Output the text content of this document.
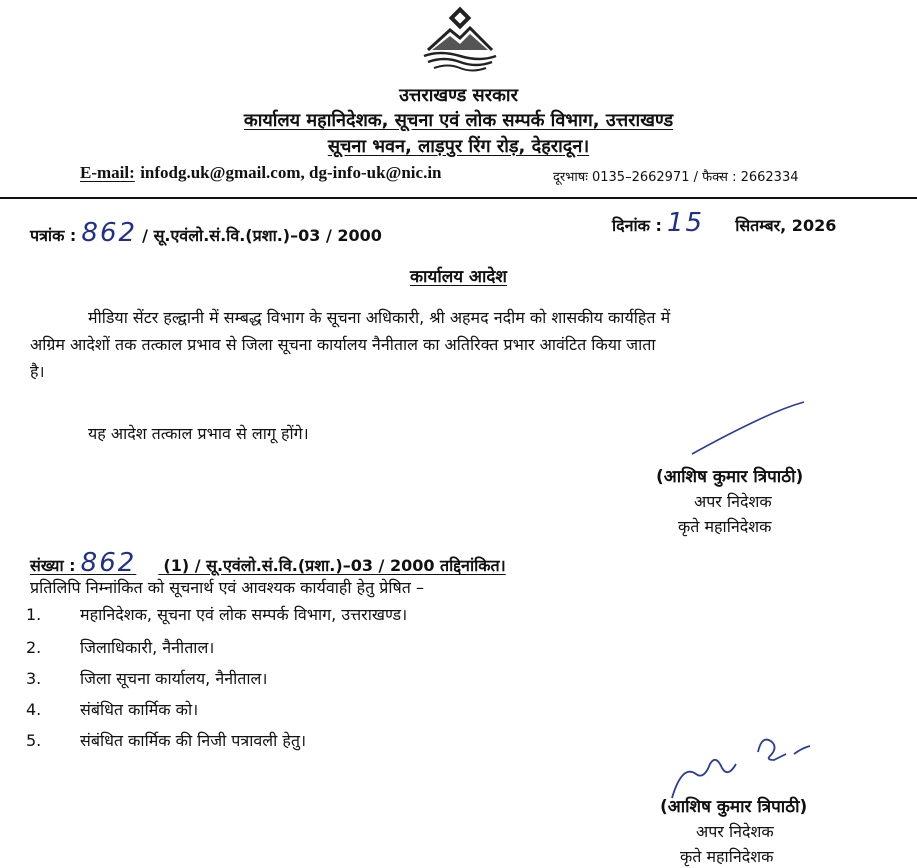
उत्तराखण्ड सरकार
कार्यालय महानिदेशक, सूचना एवं लोक सम्पर्क विभाग, उत्तराखण्ड
सूचना भवन, लाड़पुर रिंग रोड़, देहरादून।
E-mail: infodg.uk@gmail.com, dg-info-uk@nic.in	दूरभाषः 0135–2662971 / फैक्स : 2662334
पत्रांक : 862 / सू.एवंलो.सं.वि.(प्रशा.)–03 / 2000
दिनांक : 15 सितम्बर, 2026
कार्यालय आदेश
मीडिया सेंटर हल्द्वानी में सम्बद्ध विभाग के सूचना अधिकारी, श्री अहमद नदीम को शासकीय कार्यहित में
अग्रिम आदेशों तक तत्काल प्रभाव से जिला सूचना कार्यालय नैनीताल का अतिरिक्त प्रभार आवंटित किया जाता
है।
यह आदेश तत्काल प्रभाव से लागू होंगे।
(आशिष कुमार त्रिपाठी)
अपर निदेशक
कृते महानिदेशक
संख्या : 862 (1) / सू.एवंलो.सं.वि.(प्रशा.)–03 / 2000 तद्दिनांकित।
प्रतिलिपि निम्नांकित को सूचनार्थ एवं आवश्यक कार्यवाही हेतु प्रेषित –
1. महानिदेशक, सूचना एवं लोक सम्पर्क विभाग, उत्तराखण्ड।
2. जिलाधिकारी, नैनीताल।
3. जिला सूचना कार्यालय, नैनीताल।
4. संबंधित कार्मिक को।
5. संबंधित कार्मिक की निजी पत्रावली हेतु।
(आशिष कुमार त्रिपाठी)
अपर निदेशक
कृते महानिदेशक
